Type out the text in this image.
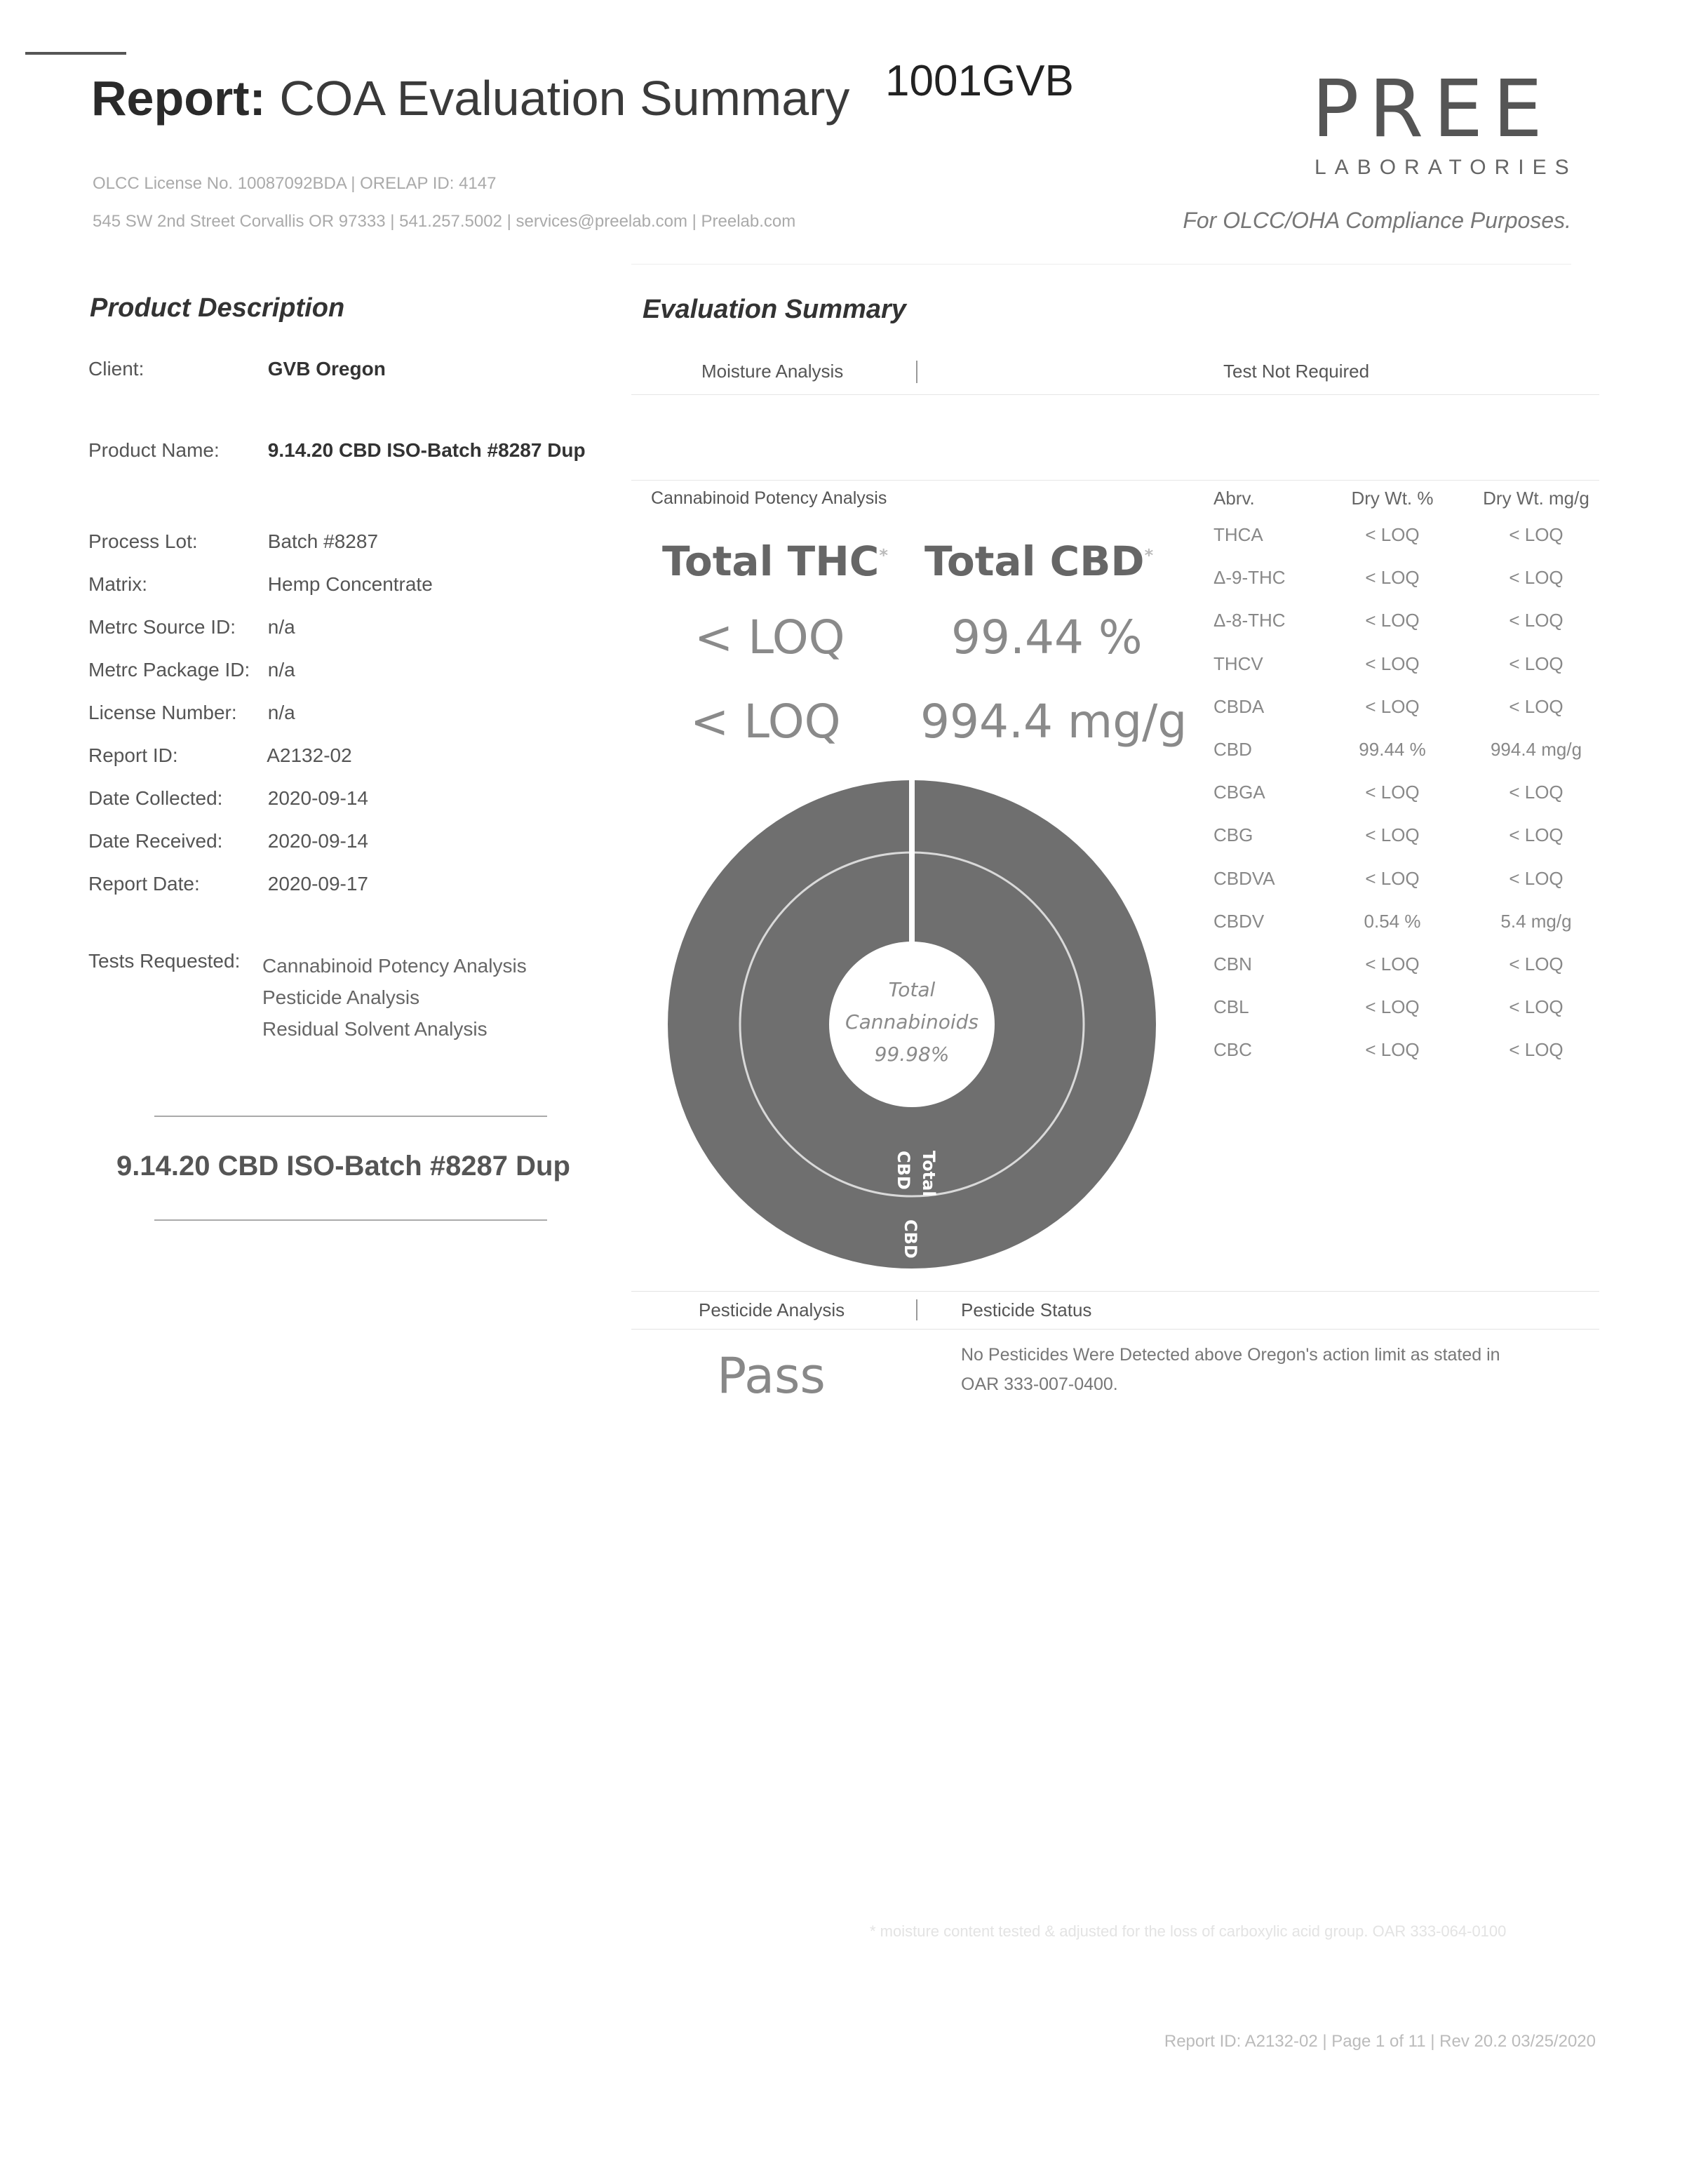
Report: COA Evaluation Summary 1001GVB	PREE
LABORATORIES
OLCC License No. 10087092BDA | ORELAP ID: 4147
545 SW 2nd Street Corvallis OR 97333 | 541.257.5002 | services@preelab.com | Preelab.com	For OLCC/OHA Compliance Purposes.
Product Description
Client:	GVB Oregon
Product Name: 9.14.20 CBD ISO-Batch #8287 Dup
Process Lot:	Batch #8287
Matrix:	Hemp Concentrate
Metrc Source ID: n/a
Metrc Package ID: n/a
License Number: n/a
Report ID:	A2132-02
Date Collected: 2020-09-14
Date Received: 2020-09-14
Report Date:	2020-09-17
Tests Requested: Cannabinoid Potency Analysis
Pesticide Analysis
Residual Solvent Analysis
9.14.20 CBD ISO-Batch #8287 Dup
Evaluation Summary
Moisture Analysis	Test Not Required
Cannabinoid Potency Analysis
Total THC* Total CBD*
< LOQ 99.44 %
< LOQ 994.4 mg/g
Total
Cannabinoids
99.98%
Total
CBD
CBD
Abrv.	Dry Wt. %	Dry Wt. mg/g
THCA	< LOQ	< LOQ
Δ-9-THC	< LOQ	< LOQ
Δ-8-THC	< LOQ	< LOQ
THCV	< LOQ	< LOQ
CBDA	< LOQ	< LOQ
CBD	99.44 %	994.4 mg/g
CBGA	< LOQ	< LOQ
CBG	< LOQ	< LOQ
CBDVA	< LOQ	< LOQ
CBDV	0.54 %	5.4 mg/g
CBN	< LOQ	< LOQ
CBL	< LOQ	< LOQ
CBC	< LOQ	< LOQ
Pesticide Analysis	Pesticide Status
Pass	No Pesticides Were Detected above Oregon's action limit as stated in OAR 333-007-0400.
* moisture content tested & adjusted for the loss of carboxylic acid group. OAR 333-064-0100
Report ID: A2132-02 | Page 1 of 11 | Rev 20.2 03/25/2020
